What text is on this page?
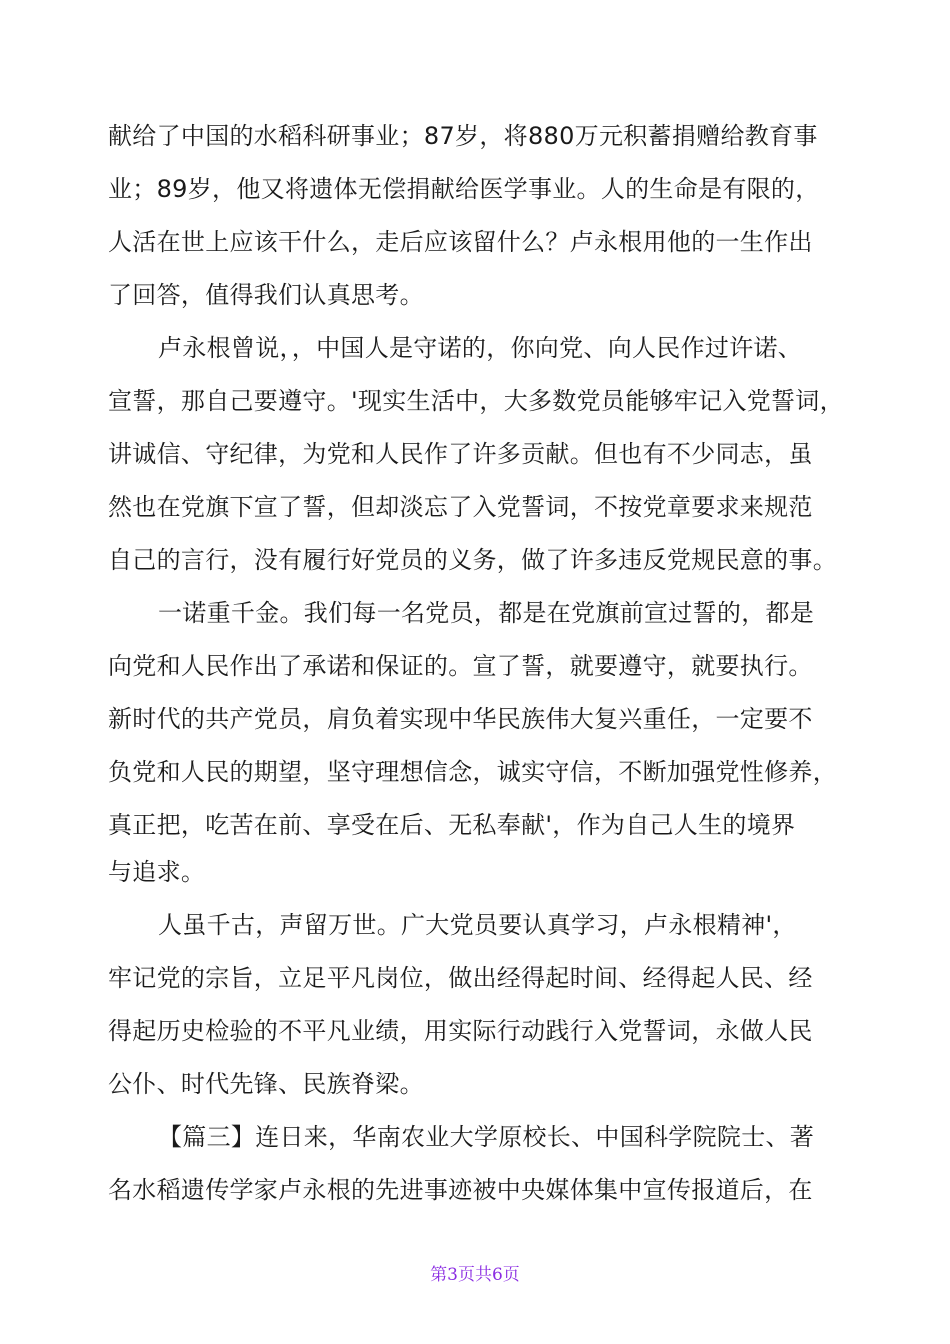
献给了中国的水稻科研事业；87岁，将880万元积蓄捐赠给教育事
业；89岁，他又将遗体无偿捐献给医学事业。人的生命是有限的，
人活在世上应该干什么，走后应该留什么？卢永根用他的一生作出
了回答，值得我们认真思考。
卢永根曾说，，中国人是守诺的，你向党、向人民作过许诺、
宣誓，那自己要遵守。'现实生活中，大多数党员能够牢记入党誓词，
讲诚信、守纪律，为党和人民作了许多贡献。但也有不少同志，虽
然也在党旗下宣了誓，但却淡忘了入党誓词，不按党章要求来规范
自己的言行，没有履行好党员的义务，做了许多违反党规民意的事。
一诺重千金。我们每一名党员，都是在党旗前宣过誓的，都是
向党和人民作出了承诺和保证的。宣了誓，就要遵守，就要执行。
新时代的共产党员，肩负着实现中华民族伟大复兴重任，一定要不
负党和人民的期望，坚守理想信念，诚实守信，不断加强党性修养，
真正把，吃苦在前、享受在后、无私奉献'，作为自己人生的境界
与追求。
人虽千古，声留万世。广大党员要认真学习，卢永根精神'，
牢记党的宗旨，立足平凡岗位，做出经得起时间、经得起人民、经
得起历史检验的不平凡业绩，用实际行动践行入党誓词，永做人民
公仆、时代先锋、民族脊梁。
【篇三】连日来，华南农业大学原校长、中国科学院院士、著
名水稻遗传学家卢永根的先进事迹被中央媒体集中宣传报道后，在
第3页共6页
